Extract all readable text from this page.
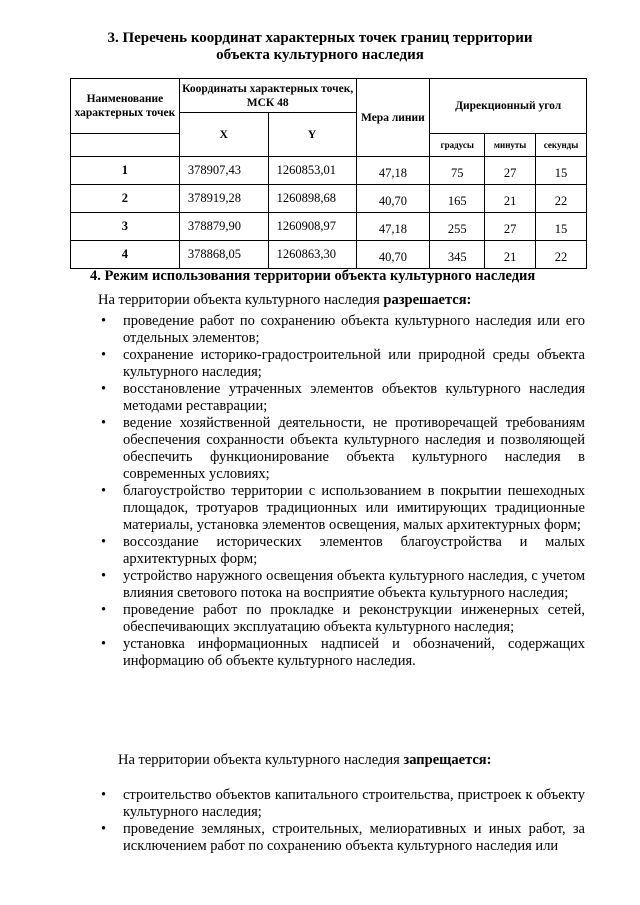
3. Перечень координат характерных точек границ территории
объекта культурного наследия
Наименование характерных точек	Координаты характерных точек, МСК 48		Мера линии	Дирекционный угол		
	X	Y				
				градусы	минуты	секунды
1	378907,43	1260853,01	47,18	75	27	15
2	378919,28	1260898,68	40,70	165	21	22
3	378879,90	1260908,97	47,18	255	27	15
4	378868,05	1260863,30	40,70	345	21	22
4. Режим использования территории объекта культурного наследия
На территории объекта культурного наследия разрешается:
• проведение работ по сохранению объекта культурного наследия или его отдельных элементов;
• сохранение историко-градостроительной или природной среды объекта культурного наследия;
• восстановление утраченных элементов объектов культурного наследия методами реставрации;
• ведение хозяйственной деятельности, не противоречащей требованиям обеспечения сохранности объекта культурного наследия и позволяющей обеспечить функционирование объекта культурного наследия в современных условиях;
• благоустройство территории с использованием в покрытии пешеходных площадок, тротуаров традиционных или имитирующих традиционные материалы, установка элементов освещения, малых архитектурных форм;
• воссоздание исторических элементов благоустройства и малых архитектурных форм;
• устройство наружного освещения объекта культурного наследия, с учетом влияния светового потока на восприятие объекта культурного наследия;
• проведение работ по прокладке и реконструкции инженерных сетей, обеспечивающих эксплуатацию объекта культурного наследия;
• установка информационных надписей и обозначений, содержащих информацию об объекте культурного наследия.
На территории объекта культурного наследия запрещается:
• строительство объектов капитального строительства, пристроек к объекту культурного наследия;
• проведение земляных, строительных, мелиоративных и иных работ, за исключением работ по сохранению объекта культурного наследия или
